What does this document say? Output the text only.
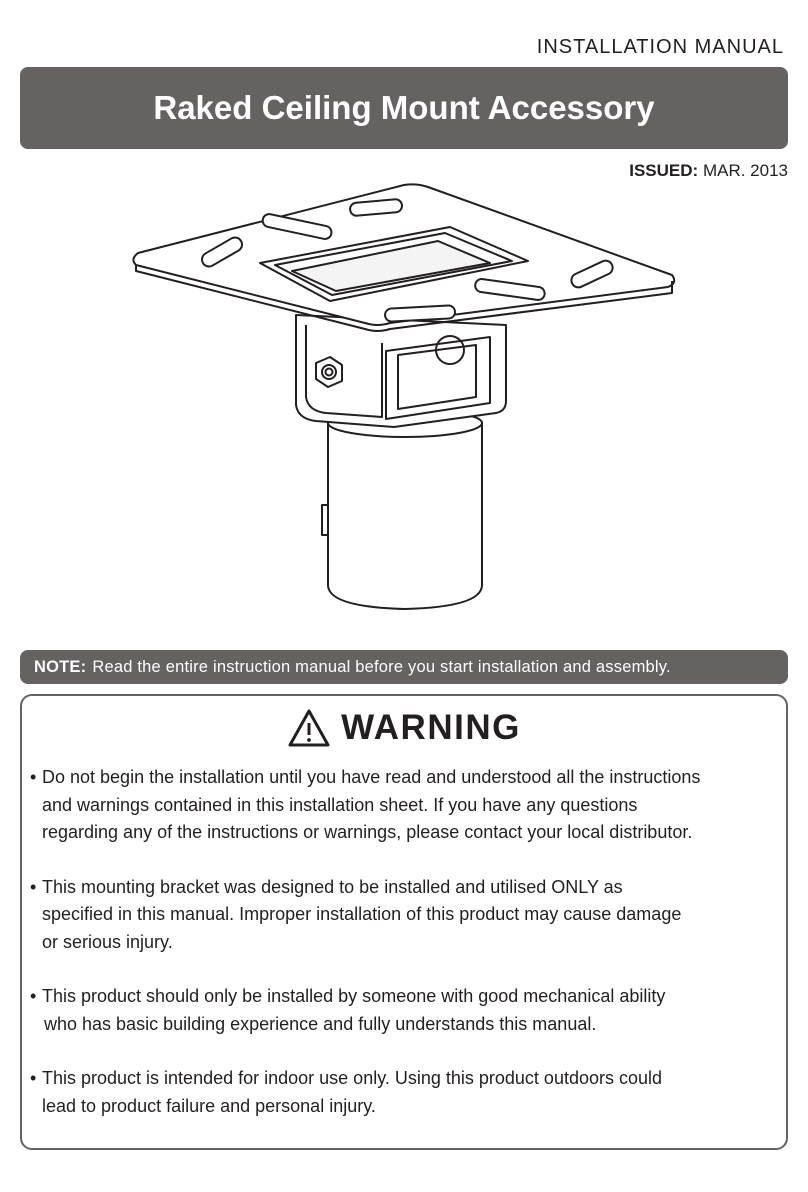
INSTALLATION MANUAL
Raked Ceiling Mount Accessory
ISSUED: MAR. 2013
NOTE: Read the entire instruction manual before you start installation and assembly.
WARNING
• Do not begin the installation until you have read and understood all the instructions
and warnings contained in this installation sheet. If you have any questions
regarding any of the instructions or warnings, please contact your local distributor.
• This mounting bracket was designed to be installed and utilised ONLY as
specified in this manual. Improper installation of this product may cause damage
or serious injury.
• This product should only be installed by someone with good mechanical ability
who has basic building experience and fully understands this manual.
• This product is intended for indoor use only. Using this product outdoors could
lead to product failure and personal injury.
